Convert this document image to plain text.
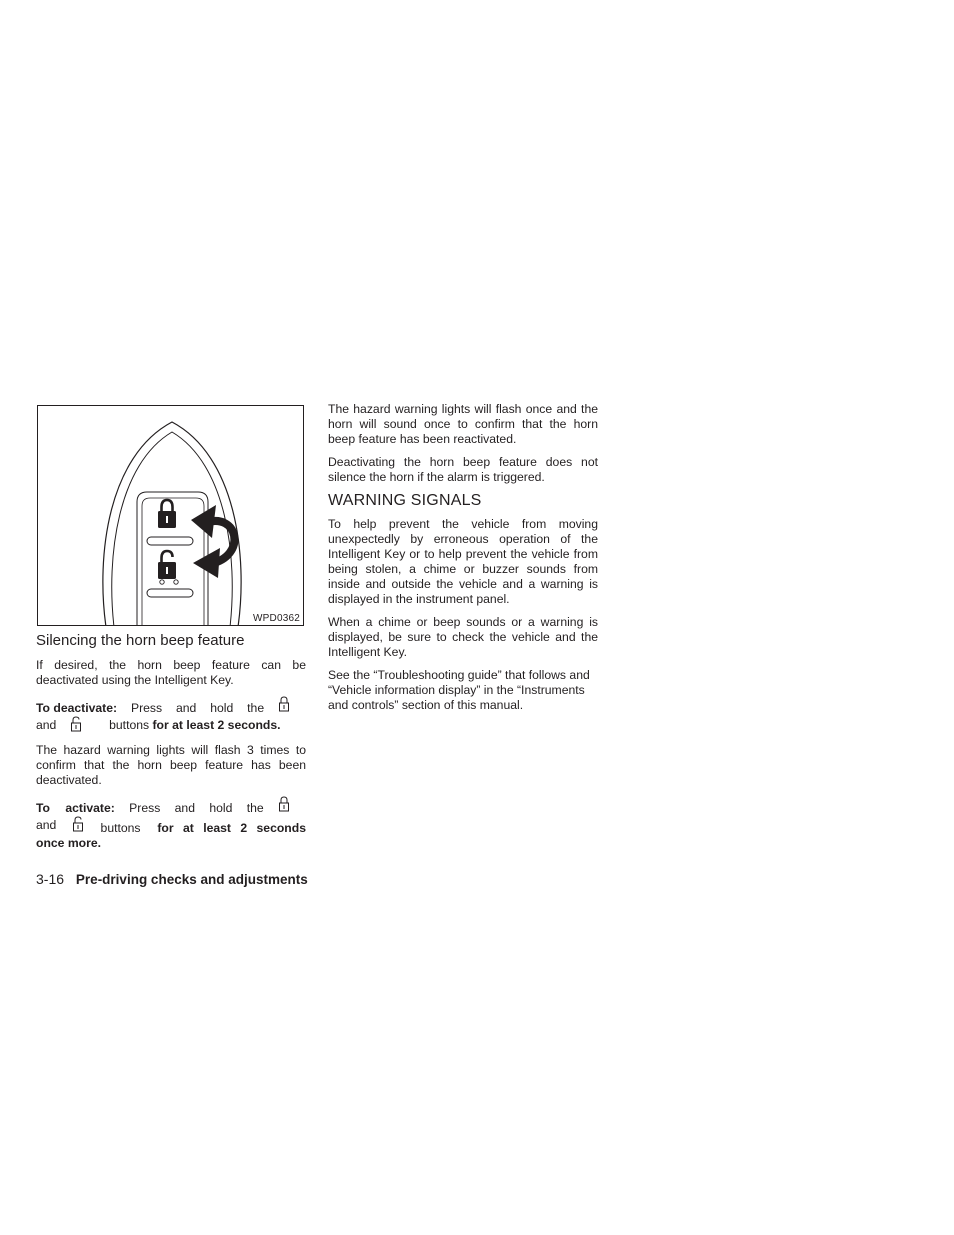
WPD0362
Silencing the horn beep feature

If desired, the horn beep feature can be deactivated using the Intelligent Key.

To deactivate: Press and hold the
and	buttons for at least 2 seconds.

The hazard warning lights will flash 3 times to confirm that the horn beep feature has been deactivated.

To activate: Press and hold the
and	buttons for at least 2 seconds
once more.

The hazard warning lights will flash once and the horn will sound once to confirm that the horn beep feature has been reactivated.

Deactivating the horn beep feature does not silence the horn if the alarm is triggered.

WARNING SIGNALS

To help prevent the vehicle from moving unexpectedly by erroneous operation of the Intelligent Key or to help prevent the vehicle from being stolen, a chime or buzzer sounds from inside and outside the vehicle and a warning is displayed in the instrument panel.

When a chime or beep sounds or a warning is displayed, be sure to check the vehicle and the Intelligent Key.

See the “Troubleshooting guide” that follows and “Vehicle information display” in the “Instruments and controls” section of this manual.

3-16 Pre-driving checks and adjustments
